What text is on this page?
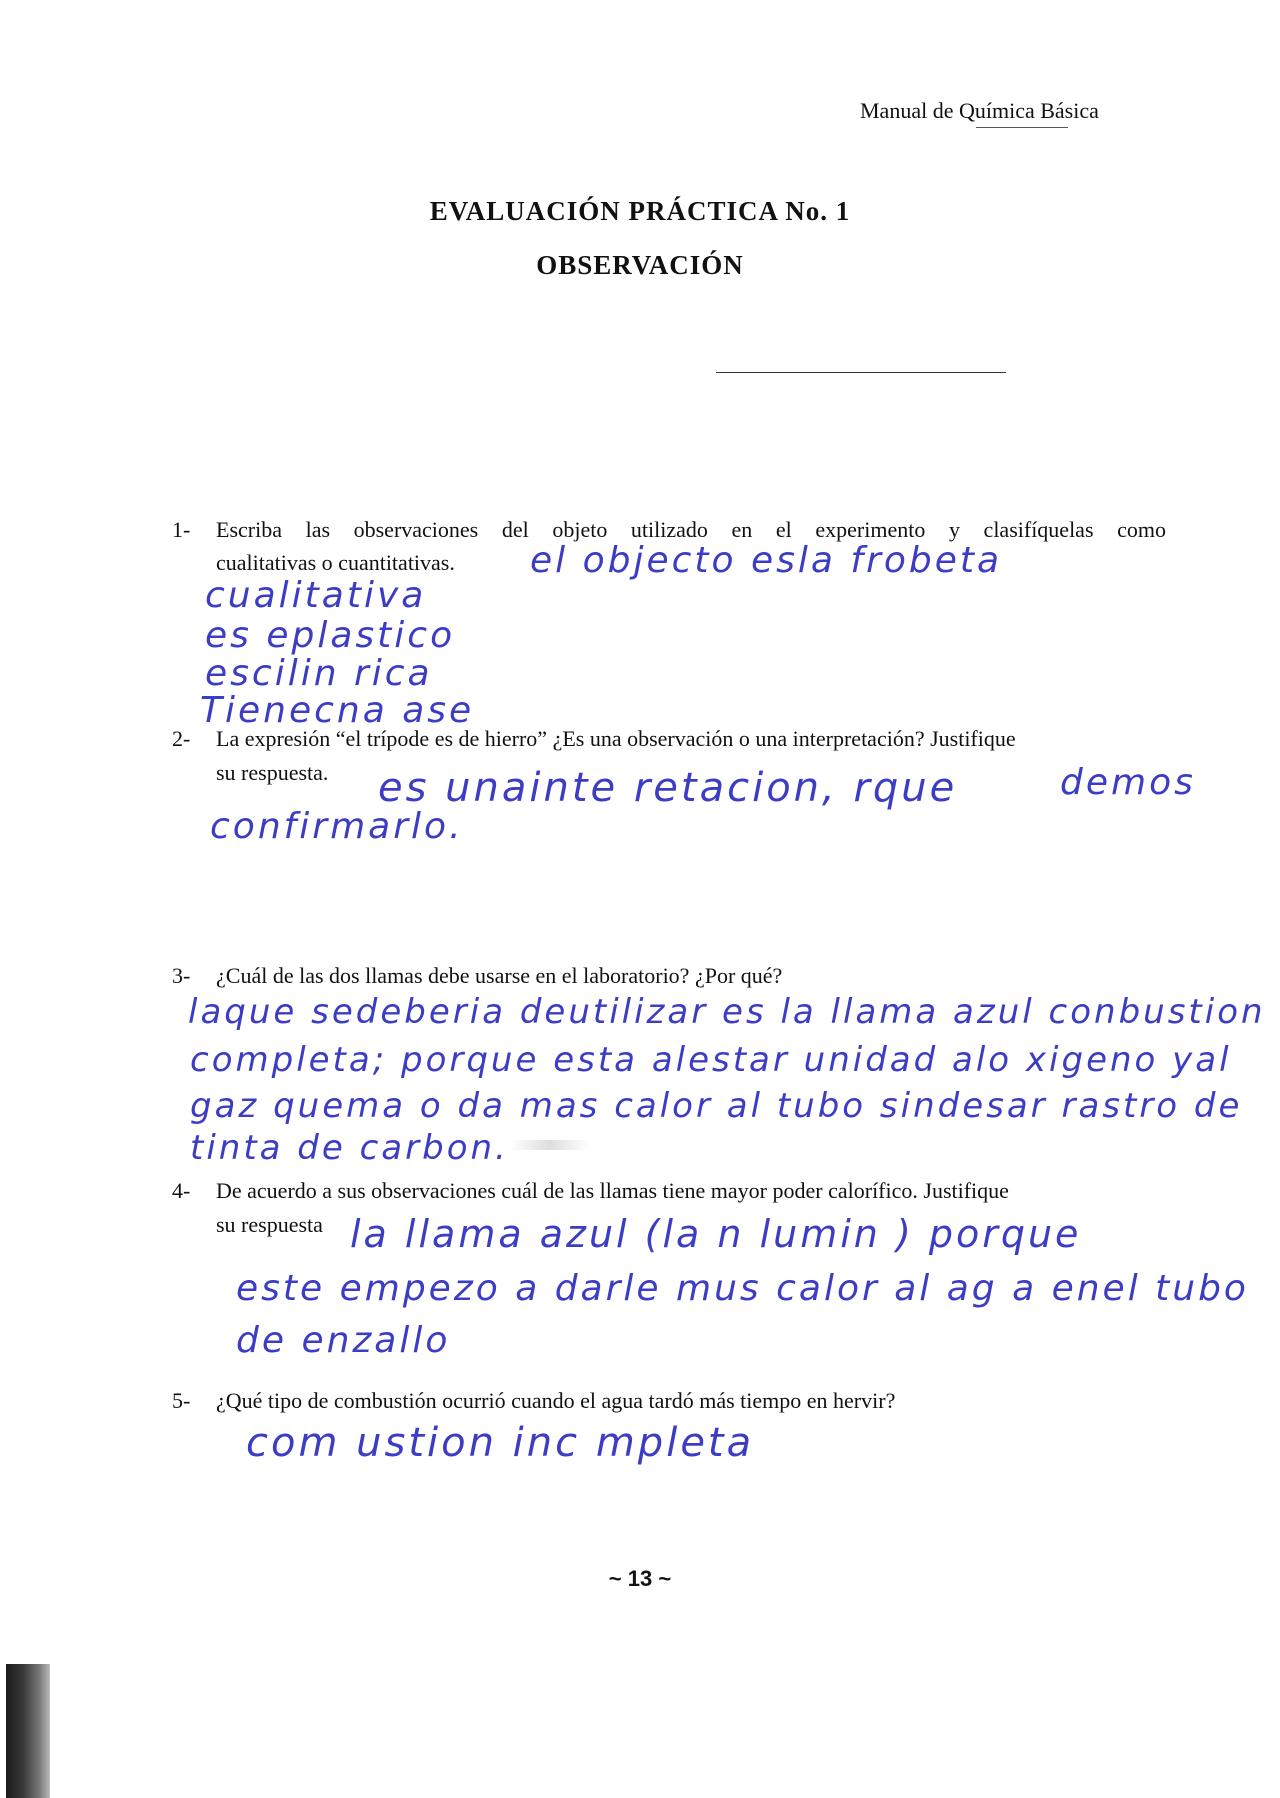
Manual de Química Básica
EVALUACIÓN PRÁCTICA No. 1
OBSERVACIÓN
1- Escriba las observaciones del objeto utilizado en el experimento y clasifíquelas como
cualitativas o cuantitativas. el objecto esla frobeta
cualitativa
es eplastico
escilin rica
Tienecna ase
2- La expresión “el trípode es de hierro” ¿Es una observación o una interpretación? Justifique
su respuesta. es unainte retacion, rque	demos
confirmarlo.
3- ¿Cuál de las dos llamas debe usarse en el laboratorio? ¿Por qué?
laque sedeberia deutilizar es la llama azul conbustion
completa; porque esta alestar unidad alo xigeno yal
gaz quema o da mas calor al tubo sindesar rastro de
tinta de carbon.
4- De acuerdo a sus observaciones cuál de las llamas tiene mayor poder calorífico. Justifique
su respuesta la llama azul (la n lumin ) porque
este empezo a darle mus calor al ag a enel tubo
de enzallo
5- ¿Qué tipo de combustión ocurrió cuando el agua tardó más tiempo en hervir?
com ustion inc mpleta
~ 13 ~
